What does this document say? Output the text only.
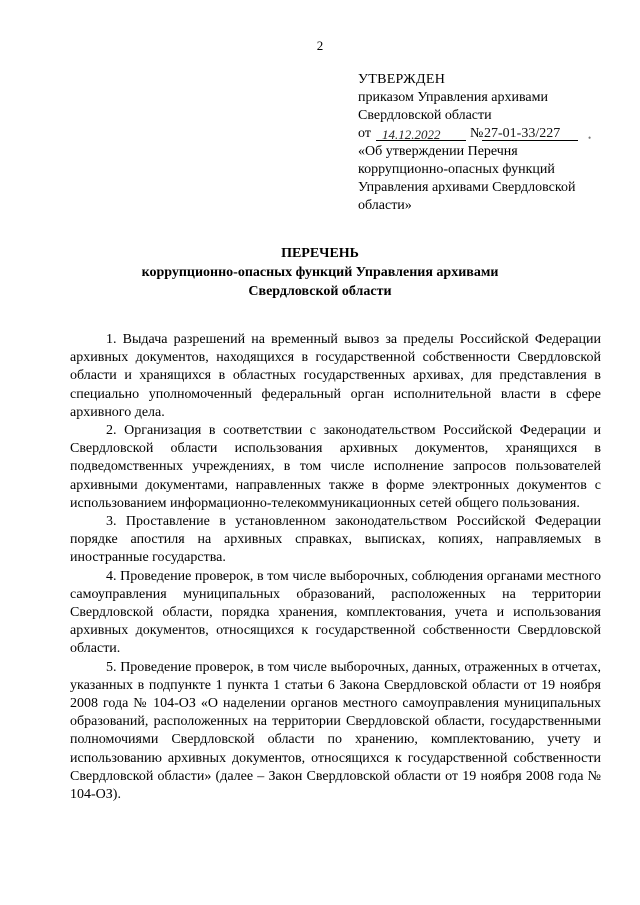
2
УТВЕРЖДЕН
приказом Управления архивами
Свердловской области
от 14.12.2022 № 27-01-33/227	•
«Об утверждении Перечня
коррупционно-опасных функций
Управления архивами Свердловской
области»
ПЕРЕЧЕНЬ
коррупционно-опасных функций Управления архивами
Свердловской области

1. Выдача разрешений на временный вывоз за пределы Российской Федерации архивных документов, находящихся в государственной собственности Свердловской области и хранящихся в областных государственных архивах, для представления в специально уполномоченный федеральный орган исполнительной власти в сфере архивного дела.

2. Организация в соответствии с законодательством Российской Федерации и Свердловской области использования архивных документов, хранящихся в подведомственных учреждениях, в том числе исполнение запросов пользователей архивными документами, направленных также в форме электронных документов с использованием информационно-телекоммуникационных сетей общего пользования.

3. Проставление в установленном законодательством Российской Федерации порядке апостиля на архивных справках, выписках, копиях, направляемых в иностранные государства.

4. Проведение проверок, в том числе выборочных, соблюдения органами местного самоуправления муниципальных образований, расположенных на территории Свердловской области, порядка хранения, комплектования, учета и использования архивных документов, относящихся к государственной собственности Свердловской области.

5. Проведение проверок, в том числе выборочных, данных, отраженных в отчетах, указанных в подпункте 1 пункта 1 статьи 6 Закона Свердловской области от 19 ноября 2008 года № 104-ОЗ «О наделении органов местного самоуправления муниципальных образований, расположенных на территории Свердловской области, государственными полномочиями Свердловской области по хранению, комплектованию, учету и использованию архивных документов, относящихся к государственной собственности Свердловской области» (далее – Закон Свердловской области от 19 ноября 2008 года № 104-ОЗ).
